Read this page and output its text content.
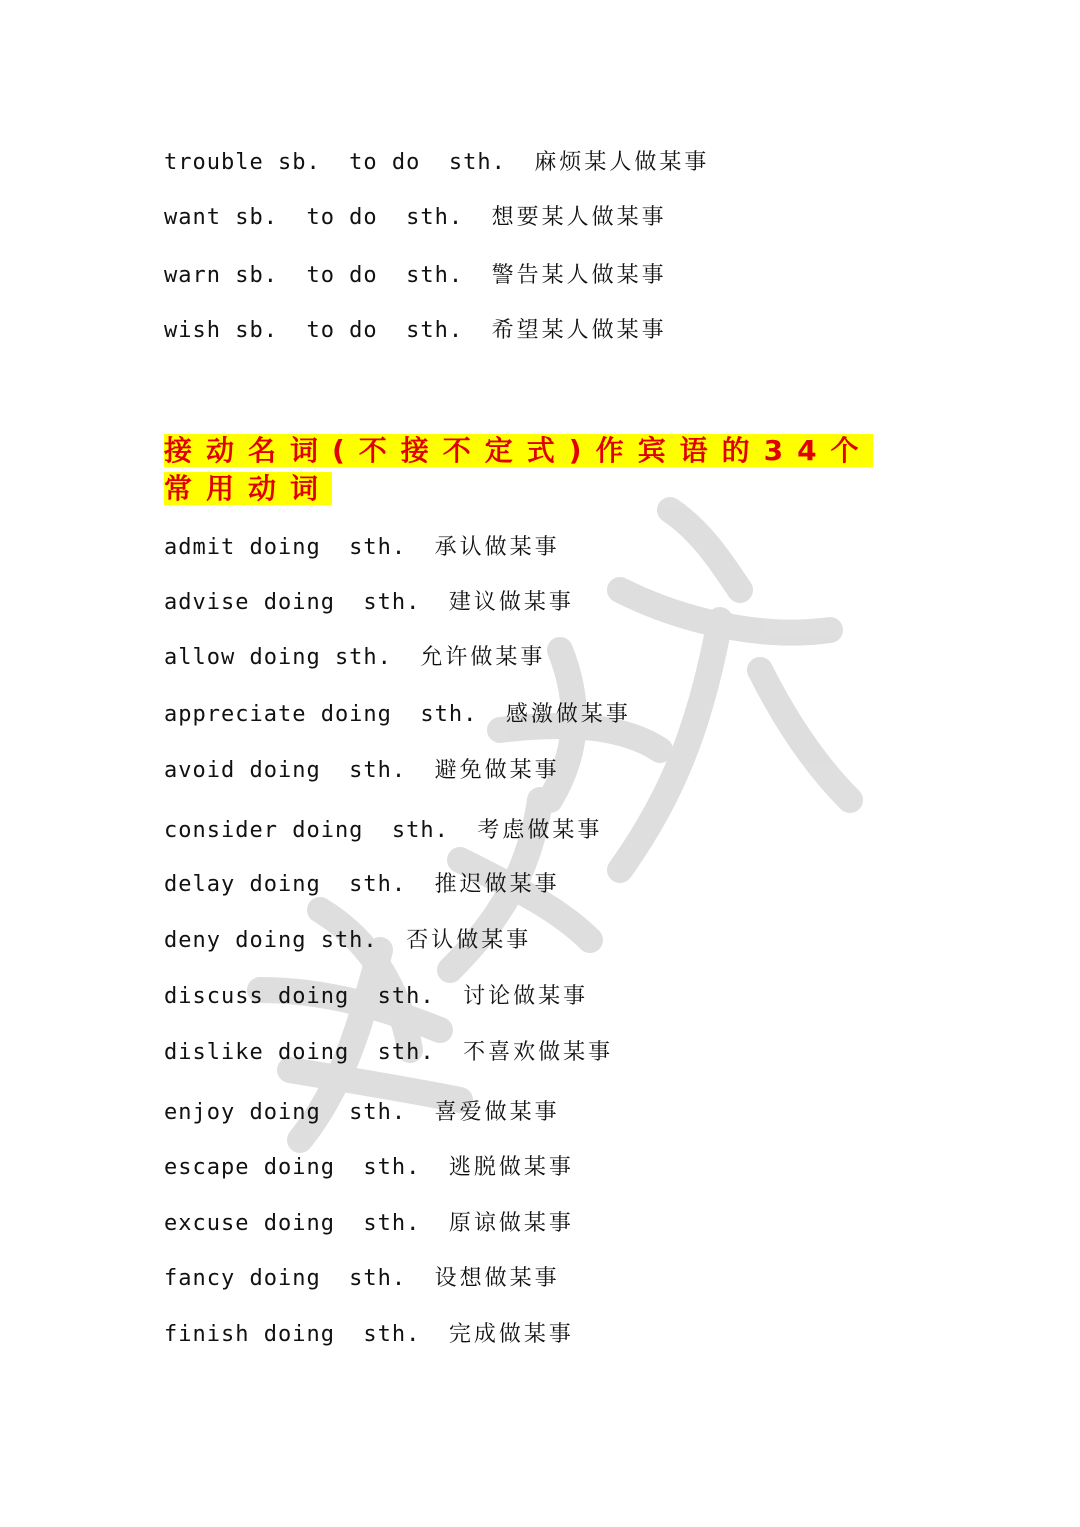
trouble sb.  to do  sth. 麻烦某人做某事
want sb.  to do  sth. 想要某人做某事
warn sb.  to do  sth. 警告某人做某事
wish sb.  to do  sth. 希望某人做某事
接动名词(不接不定式)作宾语的34个
常用动词
admit doing  sth. 承认做某事
advise doing  sth. 建议做某事
allow doing sth. 允许做某事
appreciate doing  sth. 感激做某事
avoid doing  sth. 避免做某事
consider doing  sth. 考虑做某事
delay doing  sth. 推迟做某事
deny doing sth. 否认做某事
discuss doing  sth. 讨论做某事
dislike doing  sth. 不喜欢做某事
enjoy doing  sth. 喜爱做某事
escape doing  sth. 逃脱做某事
excuse doing  sth. 原谅做某事
fancy doing  sth. 设想做某事
finish doing  sth. 完成做某事
